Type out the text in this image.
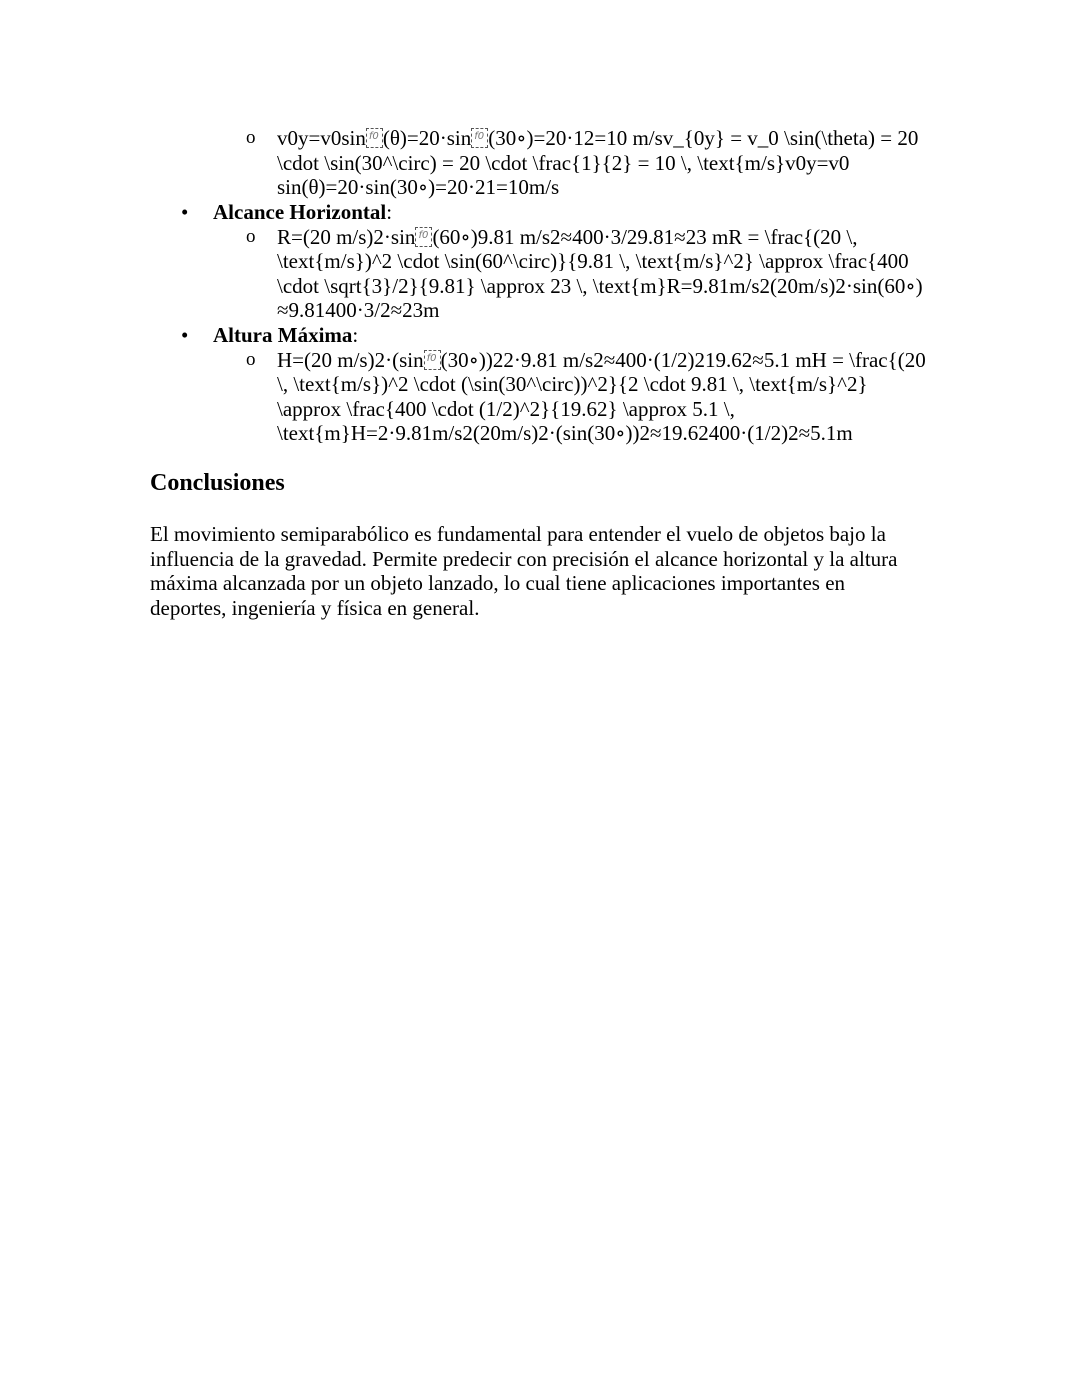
o v0y=v0sin f0 (θ)=20·sin f0 (30∘)=20·12=10 m/sv_{0y} = v_0 \sin(\theta) = 20
\cdot \sin(30^\circ) = 20 \cdot \frac{1}{2} = 10 \, \text{m/s}v0y=v0
sin(θ)=20·sin(30∘)=20·21=10m/s
• Alcance Horizontal:
o R=(20 m/s)2·sin f0 (60∘)9.81 m/s2≈400·3/29.81≈23 mR = \frac{(20 \,
\text{m/s})^2 \cdot \sin(60^\circ)}{9.81 \, \text{m/s}^2} \approx \frac{400
\cdot \sqrt{3}/2}{9.81} \approx 23 \, \text{m}R=9.81m/s2(20m/s)2·sin(60∘)
≈9.81400·3/2≈23m
• Altura Máxima:
o H=(20 m/s)2·(sin f0 (30∘))22·9.81 m/s2≈400·(1/2)219.62≈5.1 mH = \frac{(20
\, \text{m/s})^2 \cdot (\sin(30^\circ))^2}{2 \cdot 9.81 \, \text{m/s}^2}
\approx \frac{400 \cdot (1/2)^2}{19.62} \approx 5.1 \,
\text{m}H=2·9.81m/s2(20m/s)2·(sin(30∘))2≈19.62400·(1/2)2≈5.1m
Conclusiones
El movimiento semiparabólico es fundamental para entender el vuelo de objetos bajo la
influencia de la gravedad. Permite predecir con precisión el alcance horizontal y la altura
máxima alcanzada por un objeto lanzado, lo cual tiene aplicaciones importantes en
deportes, ingeniería y física en general.
